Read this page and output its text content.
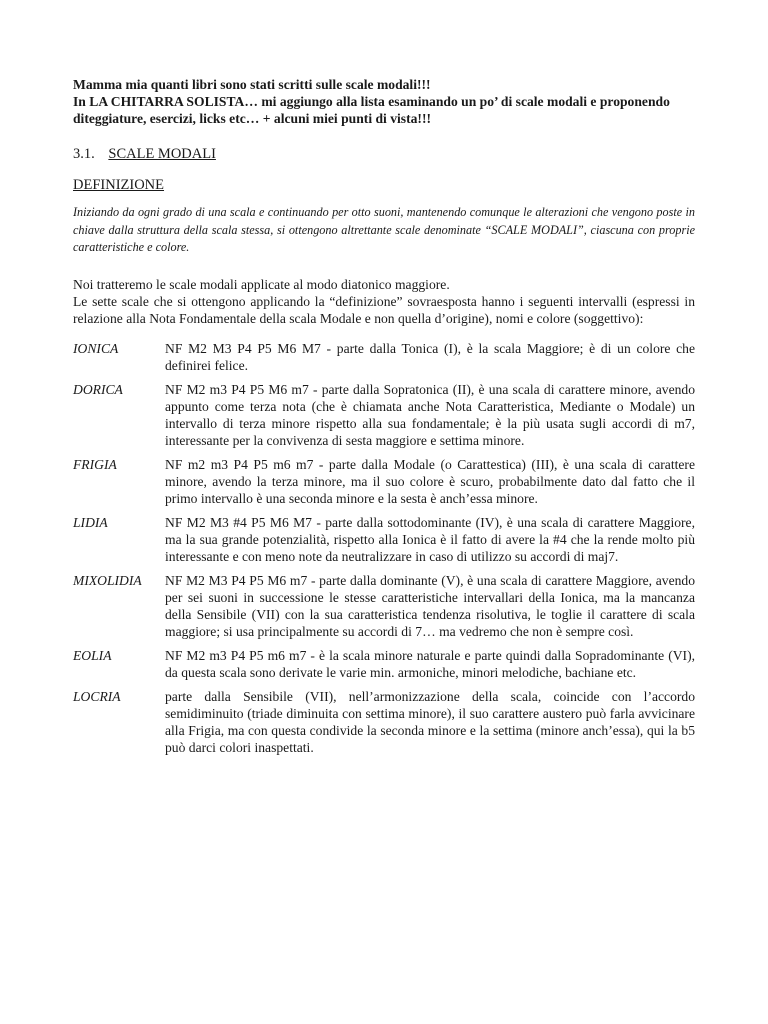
Mamma mia quanti libri sono stati scritti sulle scale modali!!!

In LA CHITARRA SOLISTA… mi aggiungo alla lista esaminando un po’ di scale modali e proponendo diteggiature, esercizi, licks etc… + alcuni miei punti di vista!!!

3.1. SCALE MODALI
DEFINIZIONE
Iniziando da ogni grado di una scala e continuando per otto suoni, mantenendo comunque le alterazioni che vengono poste in chiave dalla struttura della scala stessa, si ottengono altrettante scale denominate “SCALE MODALI”, ciascuna con proprie caratteristiche e colore.

Noi tratteremo le scale modali applicate al modo diatonico maggiore.

Le sette scale che si ottengono applicando la “definizione” sovraesposta hanno i seguenti intervalli (espressi in relazione alla Nota Fondamentale della scala Modale e non quella d’origine), nomi e colore (soggettivo):

IONICA	NF M2 M3 P4 P5 M6 M7 - parte dalla Tonica (I), è la scala Maggiore; è di un colore che definirei felice.
DORICA	NF M2 m3 P4 P5 M6 m7 - parte dalla Sopratonica (II), è una scala di carattere minore, avendo appunto come terza nota (che è chiamata anche Nota Caratteristica, Mediante o Modale) un intervallo di terza minore rispetto alla sua fondamentale; è la più usata sugli accordi di m7, interessante per la convivenza di sesta maggiore e settima minore.
FRIGIA	NF m2 m3 P4 P5 m6 m7 - parte dalla Modale (o Carattestica) (III), è una scala di carattere minore, avendo la terza minore, ma il suo colore è scuro, probabilmente dato dal fatto che il primo intervallo è una seconda minore e la sesta è anch’essa minore.
LIDIA	NF M2 M3 #4 P5 M6 M7 - parte dalla sottodominante (IV), è una scala di carattere Maggiore, ma la sua grande potenzialità, rispetto alla Ionica è il fatto di avere la #4 che la rende molto più interessante e con meno note da neutralizzare in caso di utilizzo su accordi di maj7.
MIXOLIDIA	NF M2 M3 P4 P5 M6 m7 - parte dalla dominante (V), è una scala di carattere Maggiore, avendo per sei suoni in successione le stesse caratteristiche intervallari della Ionica, ma la mancanza della Sensibile (VII) con la sua caratteristica tendenza risolutiva, le toglie il carattere di scala maggiore; si usa principalmente su accordi di 7… ma vedremo che non è sempre così.
EOLIA	NF M2 m3 P4 P5 m6 m7 - è la scala minore naturale e parte quindi dalla Sopradominante (VI), da questa scala sono derivate le varie min. armoniche, minori melodiche, bachiane etc.
LOCRIA	parte dalla Sensibile (VII), nell’armonizzazione della scala, coincide con l’accordo semidiminuito (triade diminuita con settima minore), il suo carattere austero può farla avvicinare alla Frigia, ma con questa condivide la seconda minore e la settima (minore anch’essa), qui la b5 può darci colori inaspettati.
